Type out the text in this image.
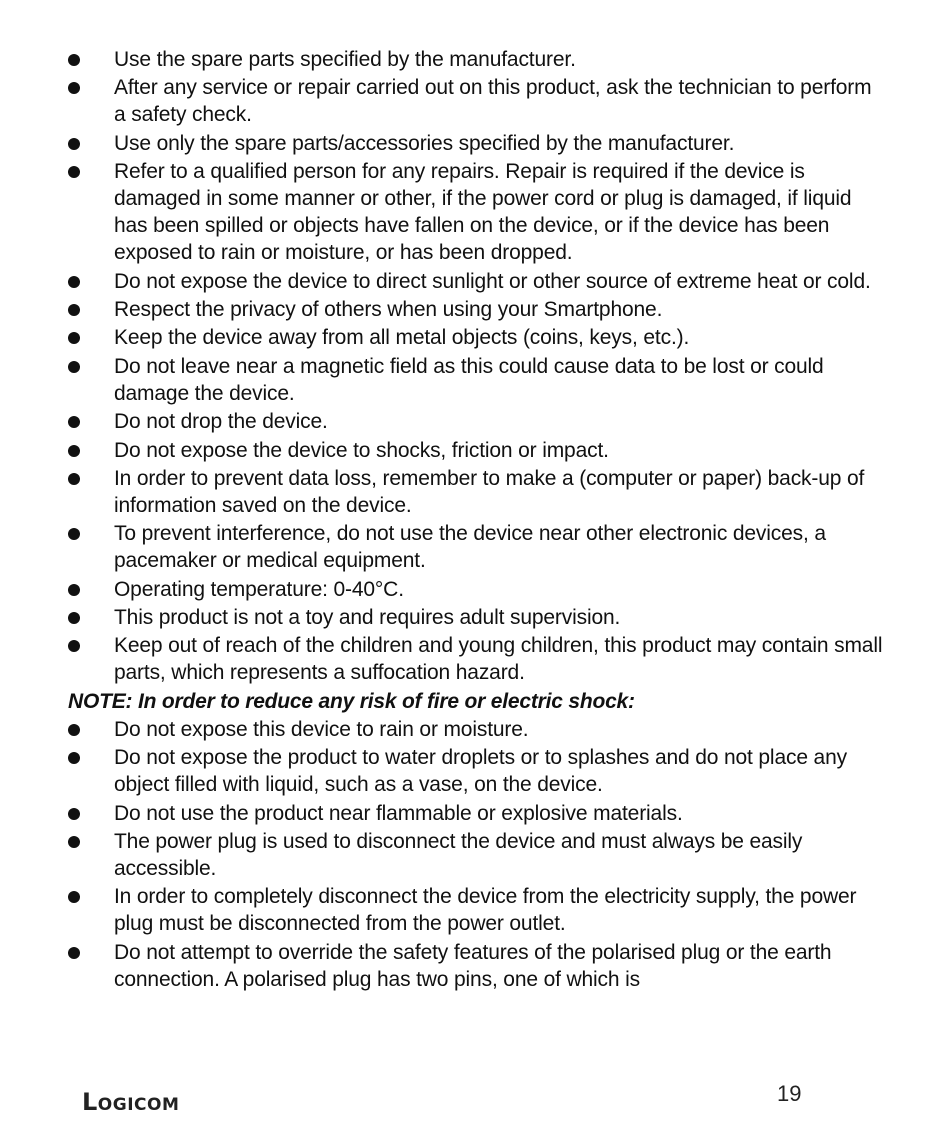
Use the spare parts specified by the manufacturer.
After any service or repair carried out on this product, ask the technician to perform a safety check.
Use only the spare parts/accessories specified by the manufacturer.
Refer to a qualified person for any repairs. Repair is required if the device is damaged in some manner or other, if the power cord or plug is damaged, if liquid has been spilled or objects have fallen on the device, or if the device has been exposed to rain or moisture, or has been dropped.
Do not expose the device to direct sunlight or other source of extreme heat or cold.
Respect the privacy of others when using your Smartphone.
Keep the device away from all metal objects (coins, keys, etc.).
Do not leave near a magnetic field as this could cause data to be lost or could damage the device.
Do not drop the device.
Do not expose the device to shocks, friction or impact.
In order to prevent data loss, remember to make a (computer or paper) back-up of information saved on the device.
To prevent interference, do not use the device near other electronic devices, a pacemaker or medical equipment.
Operating temperature: 0-40°C.
This product is not a toy and requires adult supervision.
Keep out of reach of the children and young children, this product may contain small parts, which represents a suffocation hazard.

NOTE: In order to reduce any risk of fire or electric shock:

Do not expose this device to rain or moisture.
Do not expose the product to water droplets or to splashes and do not place any object filled with liquid, such as a vase, on the device.
Do not use the product near flammable or explosive materials.
The power plug is used to disconnect the device and must always be easily accessible.
In order to completely disconnect the device from the electricity supply, the power plug must be disconnected from the power outlet.
Do not attempt to override the safety features of the polarised plug or the earth connection. A polarised plug has two pins, one of which is
Logicom	19
